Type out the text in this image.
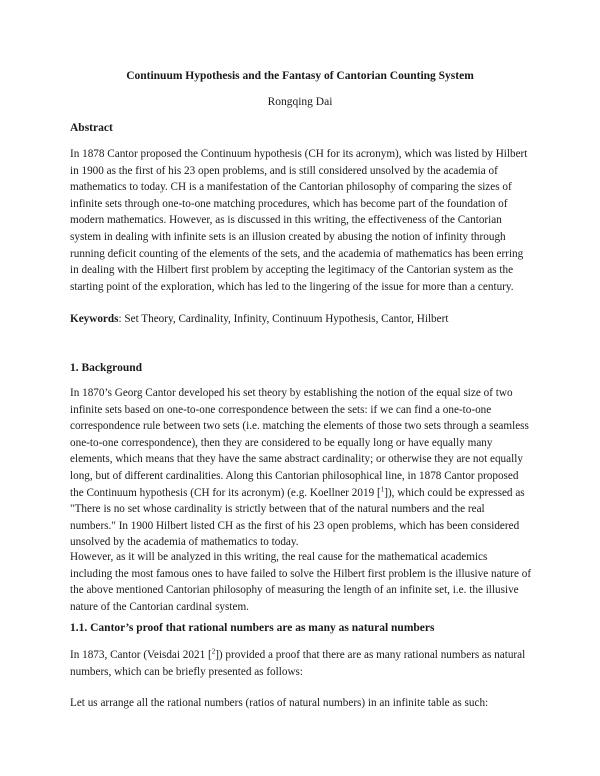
Continuum Hypothesis and the Fantasy of Cantorian Counting System
Rongqing Dai
Abstract

In 1878 Cantor proposed the Continuum hypothesis (CH for its acronym), which was listed by Hilbert in 1900 as the first of his 23 open problems, and is still considered unsolved by the academia of mathematics to today. CH is a manifestation of the Cantorian philosophy of comparing the sizes of infinite sets through one-to-one matching procedures, which has become part of the foundation of modern mathematics. However, as is discussed in this writing, the effectiveness of the Cantorian system in dealing with infinite sets is an illusion created by abusing the notion of infinity through running deficit counting of the elements of the sets, and the academia of mathematics has been erring in dealing with the Hilbert first problem by accepting the legitimacy of the Cantorian system as the starting point of the exploration, which has led to the lingering of the issue for more than a century.

Keywords: Set Theory, Cardinality, Infinity, Continuum Hypothesis, Cantor, Hilbert

1. Background

In 1870’s Georg Cantor developed his set theory by establishing the notion of the equal size of two infinite sets based on one-to-one correspondence between the sets: if we can find a one-to-one correspondence rule between two sets (i.e. matching the elements of those two sets through a seamless one-to-one correspondence), then they are considered to be equally long or have equally many elements, which means that they have the same abstract cardinality; or otherwise they are not equally long, but of different cardinalities. Along this Cantorian philosophical line, in 1878 Cantor proposed the Continuum hypothesis (CH for its acronym) (e.g. Koellner 2019 [$^1$]), which could be expressed as "There is no set whose cardinality is strictly between that of the natural numbers and the real numbers." In 1900 Hilbert listed CH as the first of his 23 open problems, which has been considered unsolved by the academia of mathematics to today.

However, as it will be analyzed in this writing, the real cause for the mathematical academics including the most famous ones to have failed to solve the Hilbert first problem is the illusive nature of the above mentioned Cantorian philosophy of measuring the length of an infinite set, i.e. the illusive nature of the Cantorian cardinal system.

1.1. Cantor’s proof that rational numbers are as many as natural numbers

In 1873, Cantor (Veisdai 2021 [$^2$]) provided a proof that there are as many rational numbers as natural numbers, which can be briefly presented as follows:

Let us arrange all the rational numbers (ratios of natural numbers) in an infinite table as such:
